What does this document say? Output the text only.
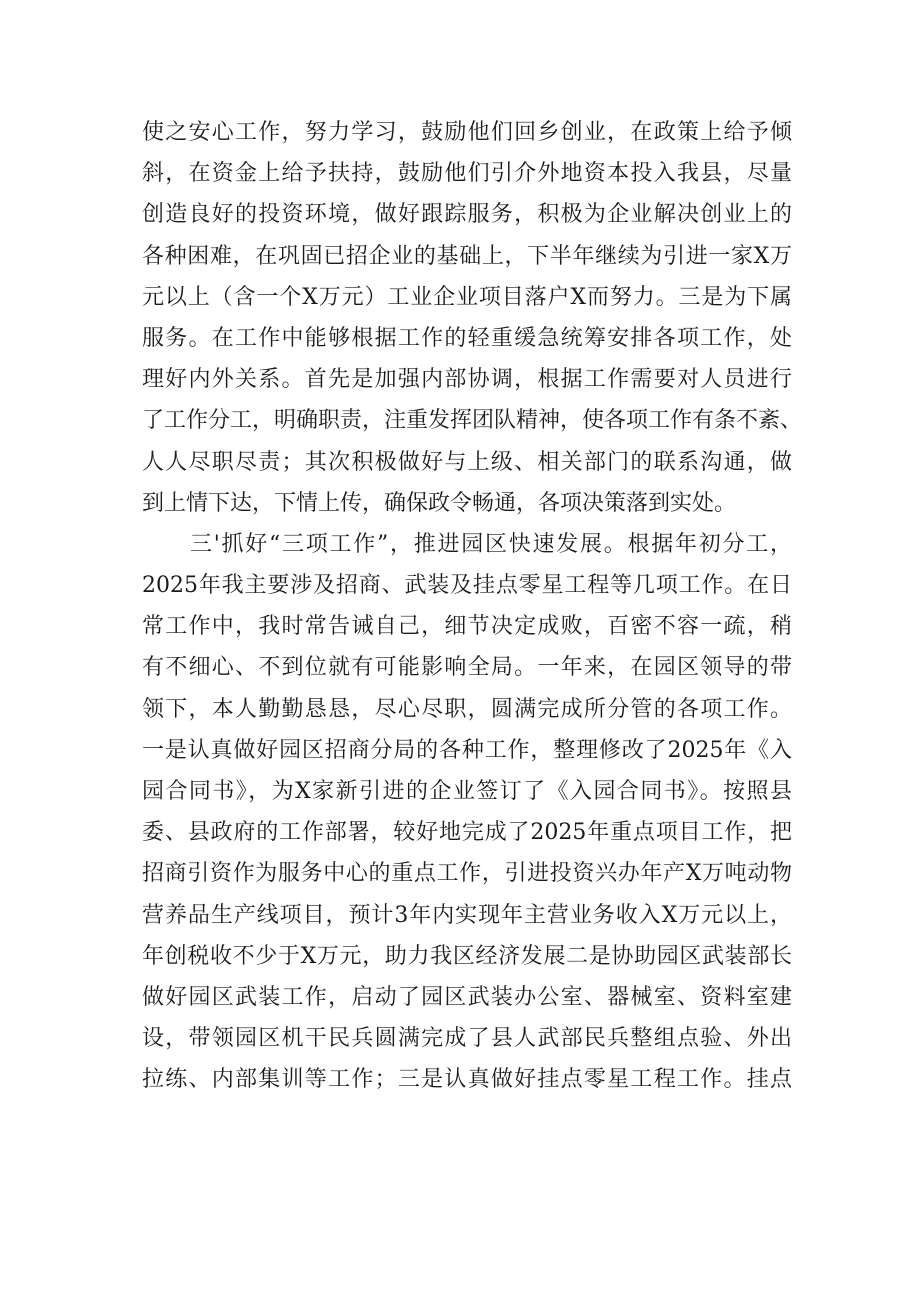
使之安心工作，努力学习，鼓励他们回乡创业，在政策上给予倾
斜，在资金上给予扶持，鼓励他们引介外地资本投入我县，尽量
创造良好的投资环境，做好跟踪服务，积极为企业解决创业上的
各种困难，在巩固已招企业的基础上，下半年继续为引进一家X万
元以上（含一个X万元）工业企业项目落户X而努力。三是为下属
服务。在工作中能够根据工作的轻重缓急统筹安排各项工作，处
理好内外关系。首先是加强内部协调，根据工作需要对人员进行
了工作分工，明确职责，注重发挥团队精神，使各项工作有条不紊、
人人尽职尽责；其次积极做好与上级、相关部门的联系沟通，做
到上情下达，下情上传，确保政令畅通，各项决策落到实处。
三'抓好“三项工作”，推进园区快速发展。根据年初分工，
2025年我主要涉及招商、武装及挂点零星工程等几项工作。在日
常工作中，我时常告诫自己，细节决定成败，百密不容一疏，稍
有不细心、不到位就有可能影响全局。一年来，在园区领导的带
领下，本人勤勤恳恳，尽心尽职，圆满完成所分管的各项工作。
一是认真做好园区招商分局的各种工作，整理修改了2025年《入
园合同书》，为X家新引进的企业签订了《入园合同书》。按照县
委、县政府的工作部署，较好地完成了2025年重点项目工作，把
招商引资作为服务中心的重点工作，引进投资兴办年产X万吨动物
营养品生产线项目，预计3年内实现年主营业务收入X万元以上，
年创税收不少于X万元，助力我区经济发展二是协助园区武装部长
做好园区武装工作，启动了园区武装办公室、器械室、资料室建
设，带领园区机干民兵圆满完成了县人武部民兵整组点验、外出
拉练、内部集训等工作；三是认真做好挂点零星工程工作。挂点
